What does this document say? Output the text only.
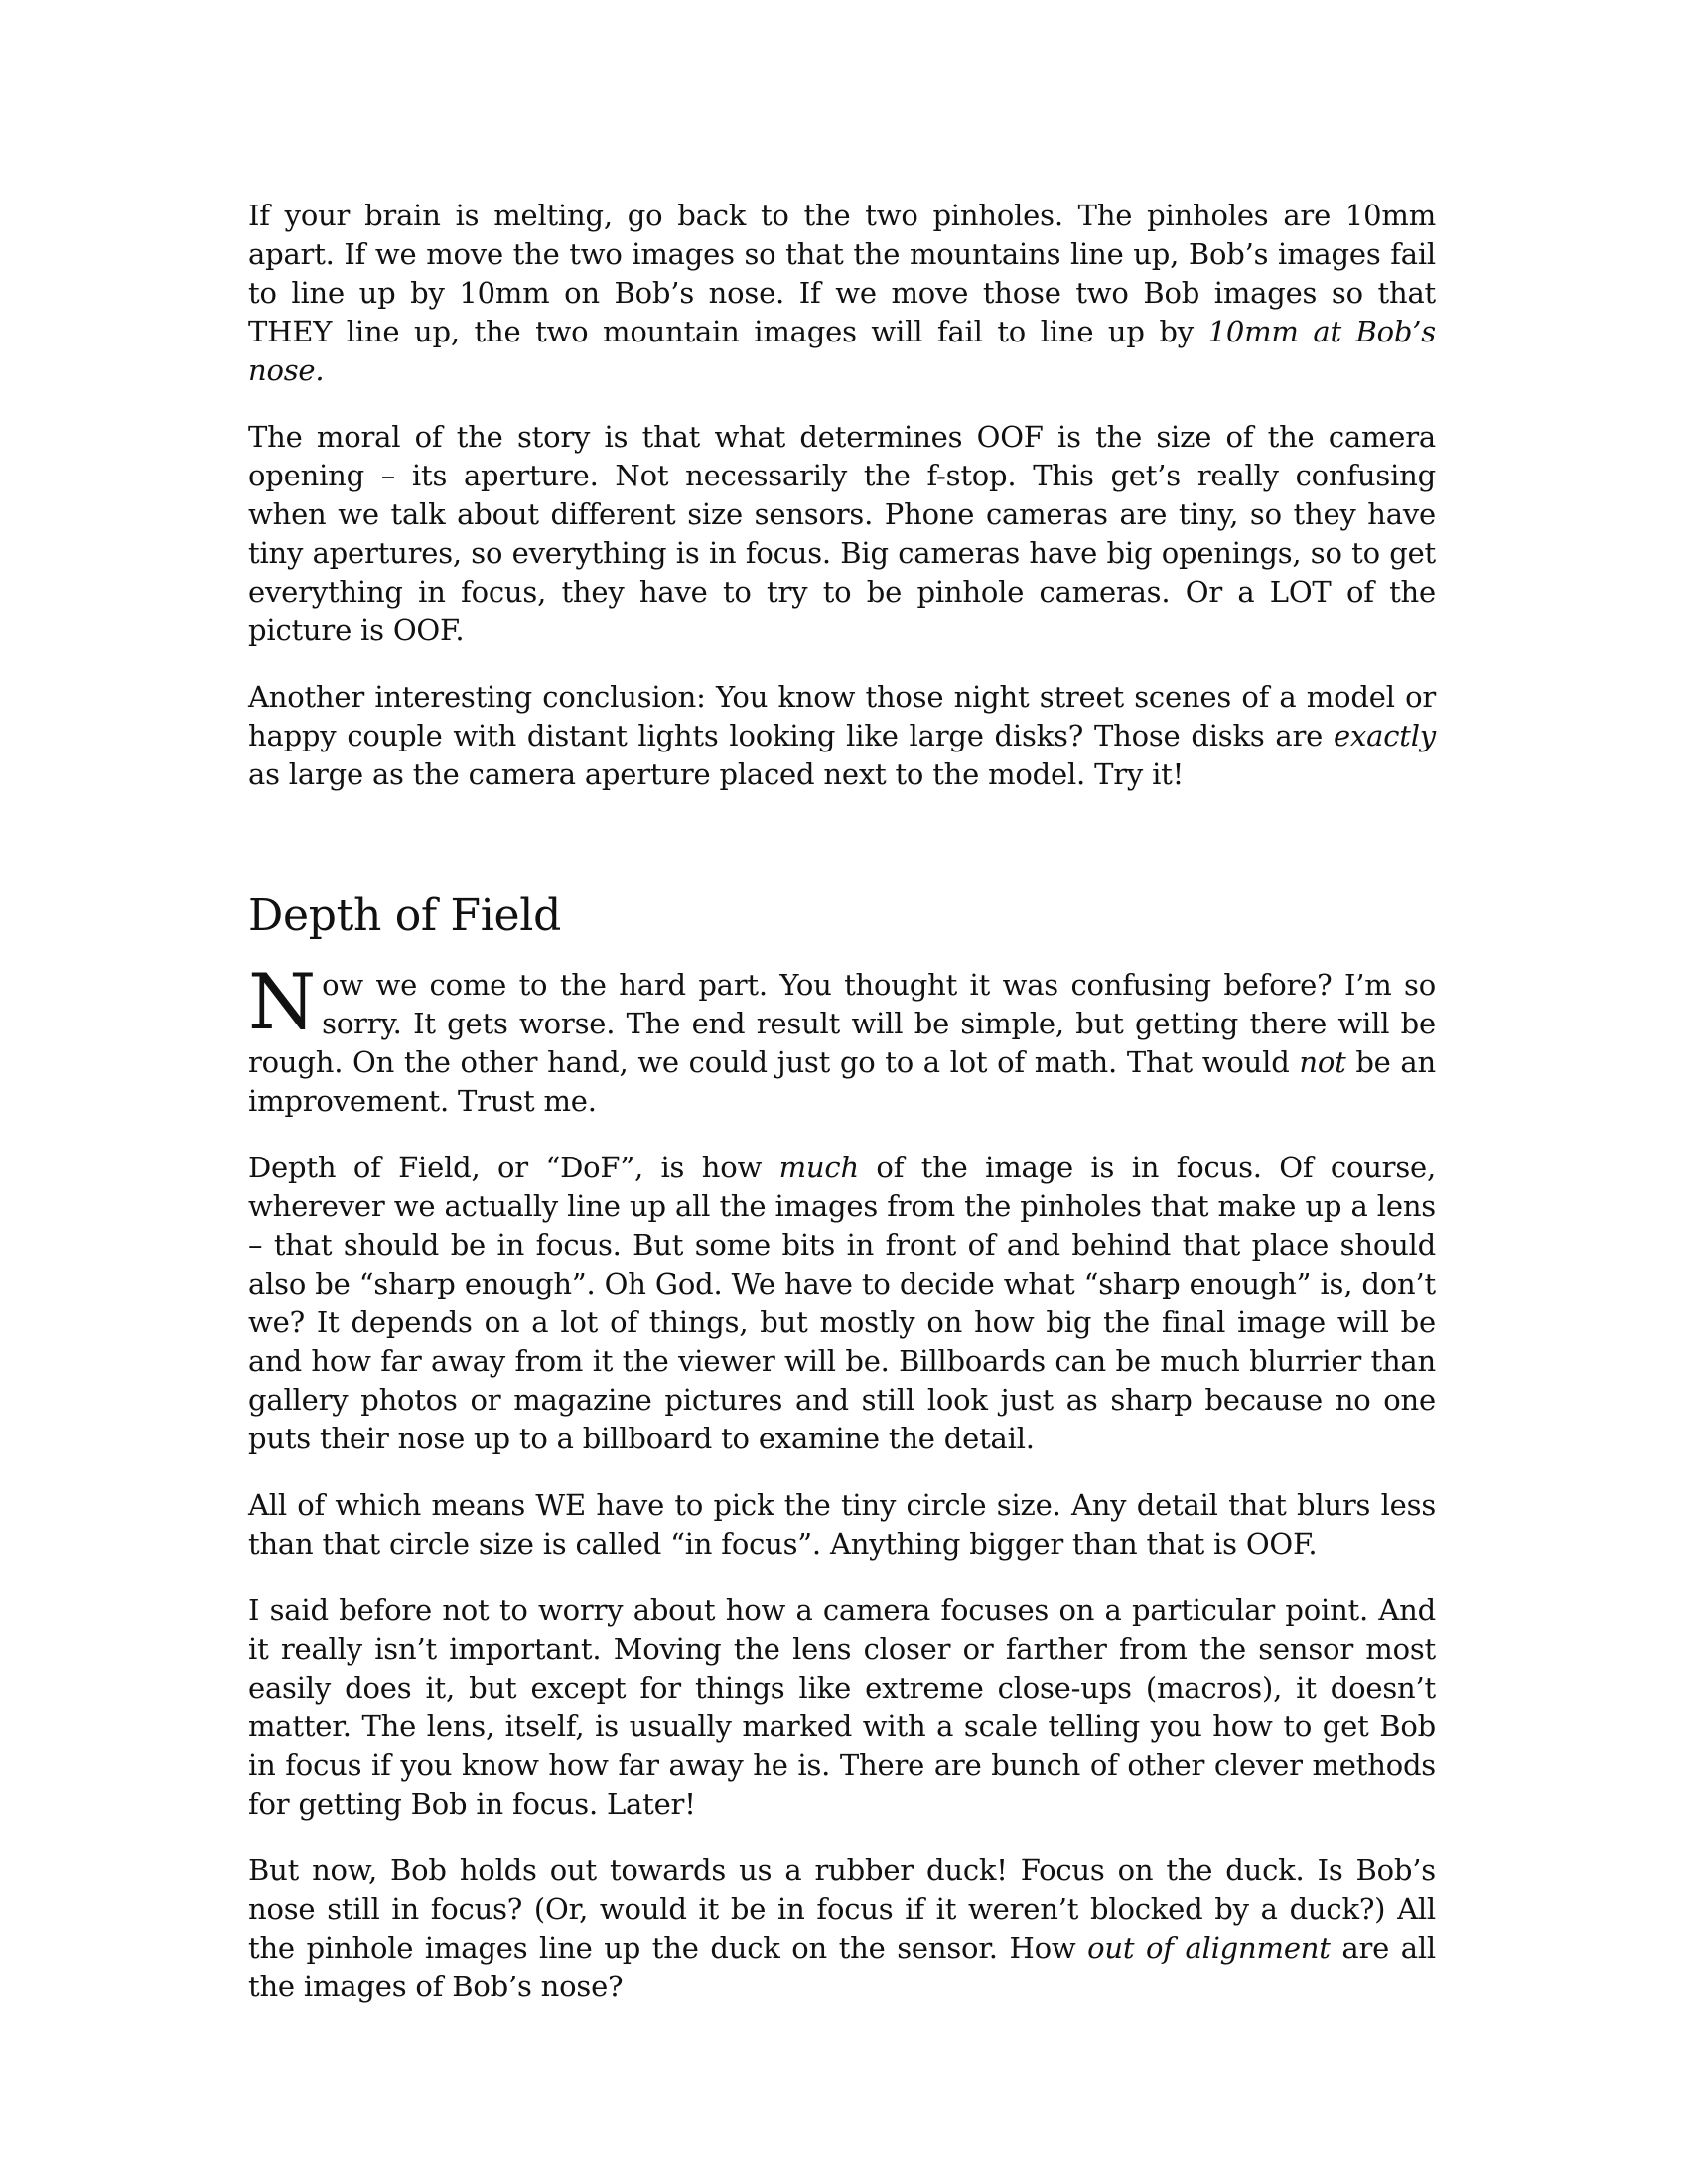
If your brain is melting, go back to the two pinholes. The pinholes are 10mm apart. If we move the two images so that the mountains line up, Bob’s images fail to line up by 10mm on Bob’s nose. If we move those two Bob images so that THEY line up, the two mountain images will fail to line up by 10mm at Bob’s nose.

The moral of the story is that what determines OOF is the size of the camera opening – its aperture. Not necessarily the f-stop. This get’s really confusing when we talk about different size sensors. Phone cameras are tiny, so they have tiny apertures, so everything is in focus. Big cameras have big openings, so to get everything in focus, they have to try to be pinhole cameras. Or a LOT of the picture is OOF.

Another interesting conclusion: You know those night street scenes of a model or happy couple with distant lights looking like large disks? Those disks are exactly as large as the camera aperture placed next to the model. Try it!

Depth of Field

Now we come to the hard part. You thought it was confusing before? I’m so sorry. It gets worse. The end result will be simple, but getting there will be rough. On the other hand, we could just go to a lot of math. That would not be an improvement. Trust me.

Depth of Field, or “DoF”, is how much of the image is in focus. Of course, wherever we actually line up all the images from the pinholes that make up a lens – that should be in focus. But some bits in front of and behind that place should also be “sharp enough”. Oh God. We have to decide what “sharp enough” is, don’t we? It depends on a lot of things, but mostly on how big the final image will be and how far away from it the viewer will be. Billboards can be much blurrier than gallery photos or magazine pictures and still look just as sharp because no one puts their nose up to a billboard to examine the detail.

All of which means WE have to pick the tiny circle size. Any detail that blurs less than that circle size is called “in focus”. Anything bigger than that is OOF.

I said before not to worry about how a camera focuses on a particular point. And it really isn’t important. Moving the lens closer or farther from the sensor most easily does it, but except for things like extreme close-ups (macros), it doesn’t matter. The lens, itself, is usually marked with a scale telling you how to get Bob in focus if you know how far away he is. There are bunch of other clever methods for getting Bob in focus. Later!

But now, Bob holds out towards us a rubber duck! Focus on the duck. Is Bob’s nose still in focus? (Or, would it be in focus if it weren’t blocked by a duck?) All the pinhole images line up the duck on the sensor. How out of alignment are all the images of Bob’s nose?
